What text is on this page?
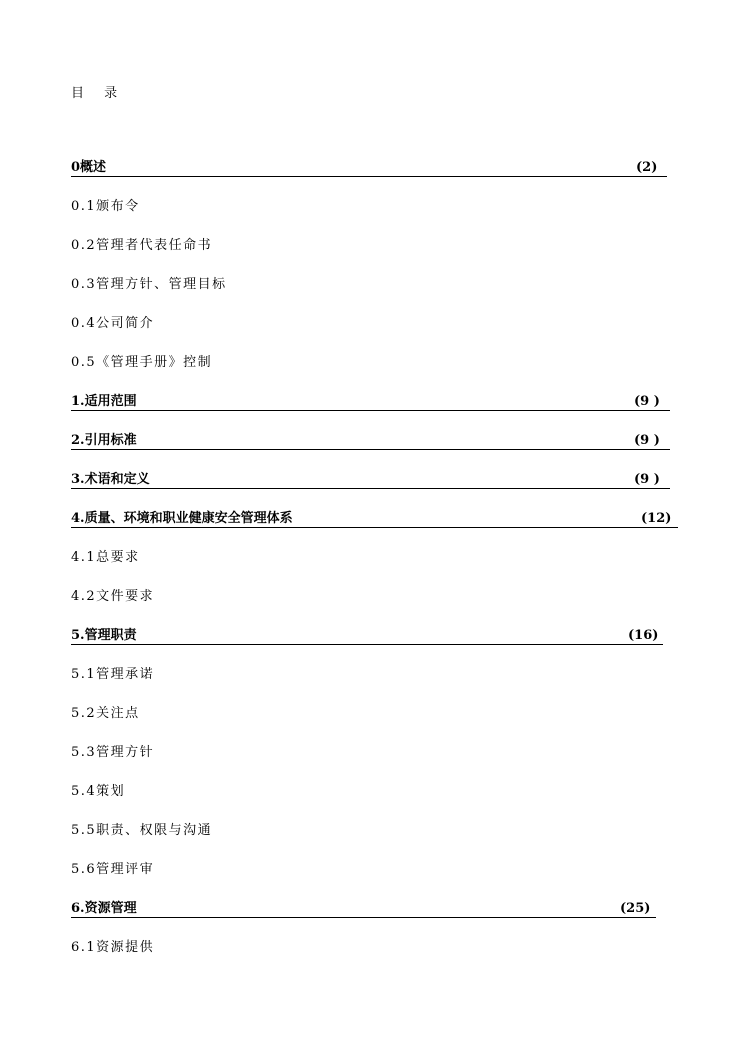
目 录
0概述	(2)
0.1颁布令
0.2管理者代表任命书
0.3管理方针、管理目标
0.4公司简介
0.5《管理手册》控制
1.适用范围	(9 )
2.引用标准	(9 )
3.术语和定义	(9 )
4.质量、环境和职业健康安全管理体系	(12)
4.1总要求
4.2文件要求
5.管理职责	(16)
5.1管理承诺
5.2关注点
5.3管理方针
5.4策划
5.5职责、权限与沟通
5.6管理评审
6.资源管理	(25)
6.1资源提供
